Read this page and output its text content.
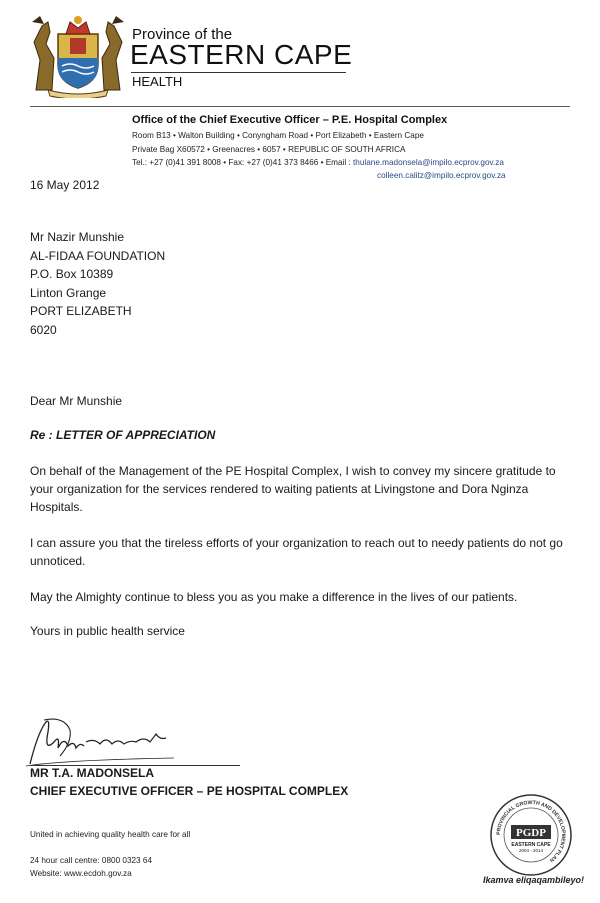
Province of the
EASTERN CAPE
HEALTH
Office of the Chief Executive Officer – P.E. Hospital Complex
Room B13 • Walton Building • Conyngham Road • Port Elizabeth • Eastern Cape
Private Bag X60572 • Greenacres • 6057 • REPUBLIC OF SOUTH AFRICA
Tel.: +27 (0)41 391 8008 • Fax: +27 (0)41 373 8466 • Email : thulane.madonsela@impilo.ecprov.gov.za
colleen.calitz@impilo.ecprov.gov.za
16 May 2012
Mr Nazir Munshie
AL-FIDAA FOUNDATION
P.O. Box 10389
Linton Grange
PORT ELIZABETH
6020
Dear Mr Munshie
Re : LETTER OF APPRECIATION
On behalf of the Management of the PE Hospital Complex, I wish to convey my sincere gratitude to your organization for the services rendered to waiting patients at Livingstone and Dora Nginza Hospitals.
I can assure you that the tireless efforts of your organization to reach out to needy patients do not go unnoticed.
May the Almighty continue to bless you as you make a difference in the lives of our patients.
Yours in public health service
MR T.A. MADONSELA
CHIEF EXECUTIVE OFFICER – PE HOSPITAL COMPLEX
United in achieving quality health care for all
24 hour call centre: 0800 0323 64
Website: www.ecdoh.gov.za
PROVINCIAL GROWTH AND DEVELOPMENT PLAN
PGDP
EASTERN CAPE
2004 - 2014
Ikamva eliqaqambileyo!
